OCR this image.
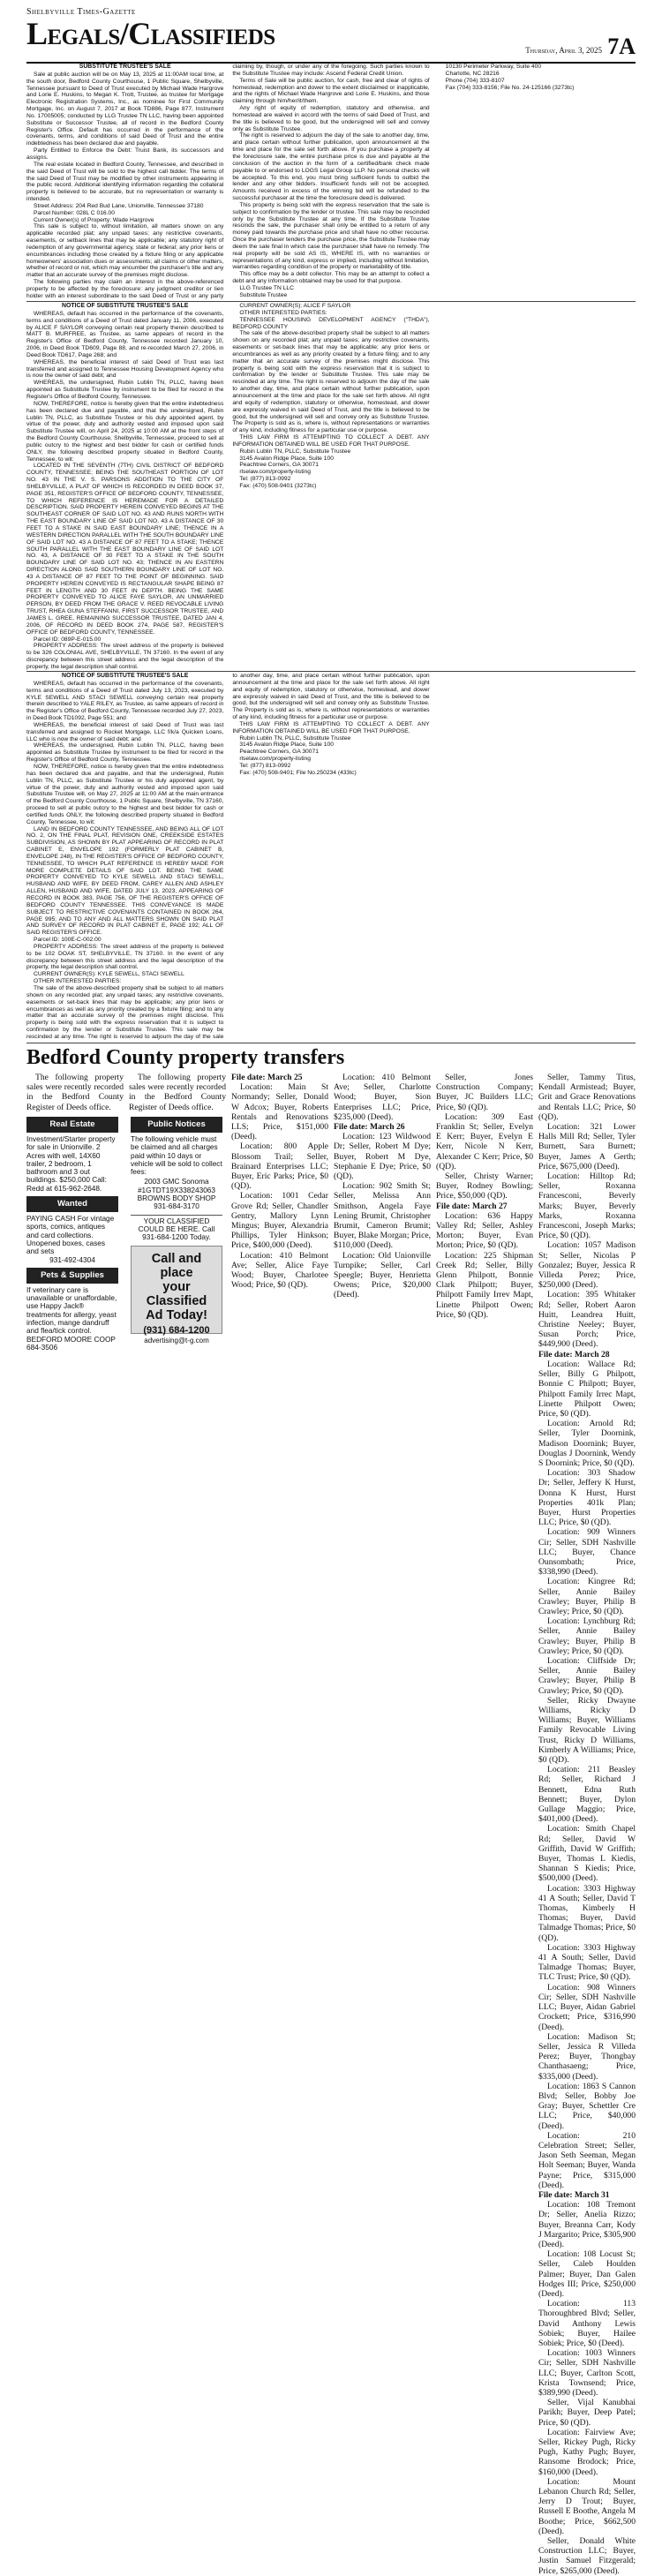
Shelbyville Times-Gazette
Legals/Classifieds	Thursday, April 3, 2025 7A
SUBSTITUTE TRUSTEE'S SALE

Sale at public auction will be on May 13, 2025 at 11:00AM local time, at the south door, Bedford County Courthouse, 1 Public Square, Shelbyville, Tennessee pursuant to Deed of Trust executed by Michael Wade Hargrove and Lorie E. Huskins, to Megan K. Trott, Trustee, as trustee for Mortgage Electronic Registration Systems, Inc., as nominee for First Community Mortgage, Inc. on August 7, 2017 at Book TD886, Page 877, Instrument No. 17005005; conducted by LLG Trustee TN LLC, having been appointed Substitute or Successor Trustee, all of record in the Bedford County Register's Office. Default has occurred in the performance of the covenants, terms, and conditions of said Deed of Trust and the entire indebtedness has been declared due and payable.

Party Entitled to Enforce the Debt: Truist Bank, its successors and assigns.

The real estate located in Bedford County, Tennessee, and described in the said Deed of Trust will be sold to the highest call bidder. The terms of the said Deed of Trust may be modified by other instruments appearing in the public record. Additional identifying information regarding the collateral property is believed to be accurate, but no representation or warranty is intended.

Street Address: 204 Red Bud Lane, Unionville, Tennessee 37180

Parcel Number: 028L C 016.00

Current Owner(s) of Property: Wade Hargrove

This sale is subject to, without limitation, all matters shown on any applicable recorded plat; any unpaid taxes; any restrictive covenants, easements, or setback lines that may be applicable; any statutory right of redemption of any governmental agency, state or federal; any prior liens or encumbrances including those created by a fixture filing or any applicable homeowners' association dues or assessments; all claims or other matters, whether of record or not, which may encumber the purchaser's title and any matter that an accurate survey of the premises might disclose.

The following parties may claim an interest in the above-referenced property to be affected by the foreclosure: any judgment creditor or lien holder with an interest subordinate to the said Deed of Trust or any party claiming by, though, or under any of the foregoing. Such parties known to the Substitute Trustee may include: Ascend Federal Credit Union.

Terms of Sale will be public auction, for cash, free and clear of rights of homestead, redemption and dower to the extent disclaimed or inapplicable, and the rights of Michael Wade Hargrove and Lorie E. Huskins, and those claiming through him/her/it/them.

Any right of equity of redemption, statutory and otherwise, and homestead are waived in accord with the terms of said Deed of Trust, and the title is believed to be good, but the undersigned will sell and convey only as Substitute Trustee.

The right is reserved to adjourn the day of the sale to another day, time, and place certain without further publication, upon announcement at the time and place for the sale set forth above. If you purchase a property at the foreclosure sale, the entire purchase price is due and payable at the conclusion of the auction in the form of a certified/bank check made payable to or endorsed to LOGS Legal Group LLP. No personal checks will be accepted. To this end, you must bring sufficient funds to outbid the lender and any other bidders. Insufficient funds will not be accepted. Amounts received in excess of the winning bid will be refunded to the successful purchaser at the time the foreclosure deed is delivered.

This property is being sold with the express reservation that the sale is subject to confirmation by the lender or trustee. This sale may be rescinded only by the Substitute Trustee at any time. If the Substitute Trustee rescinds the sale, the purchaser shall only be entitled to a return of any money paid towards the purchase price and shall have no other recourse. Once the purchaser tenders the purchase price, the Substitute Trustee may deem the sale final in which case the purchaser shall have no remedy. The real property will be sold AS IS, WHERE IS, with no warranties or representations of any kind, express or implied, including without limitation, warranties regarding condition of the property or marketability of title.

This office may be a debt collector. This may be an attempt to collect a debt and any information obtained may be used for that purpose.

LLG Trustee TN LLC

Substitute Trustee

10130 Perimeter Parkway, Suite 400

Charlotte, NC 28216

Phone (704) 333-8107

Fax (704) 333-8156; File No. 24-125166 (3273tc)

NOTICE OF SUBSTITUTE TRUSTEE'S SALE

WHEREAS, default has occurred in the performance of the covenants, terms and conditions of a Deed of Trust dated January 11, 2006, executed by ALICE F SAYLOR conveying certain real property therein described to MATT B. MURFREE, as Trustee, as same appears of record in the Register's Office of Bedford County, Tennessee recorded January 10, 2006, in Deed Book TD609, Page 88, and re-recorded March 27, 2006, in Deed Book TD617, Page 268; and

WHEREAS, the beneficial interest of said Deed of Trust was last transferred and assigned to Tennessee Housing Development Agency who is now the owner of said debt; and

WHEREAS, the undersigned, Rubin Lublin TN, PLLC, having been appointed as Substitute Trustee by instrument to be filed for record in the Register's Office of Bedford County, Tennessee.

NOW, THEREFORE, notice is hereby given that the entire indebtedness has been declared due and payable, and that the undersigned, Rubin Lublin TN, PLLC, as Substitute Trustee or his duly appointed agent, by virtue of the power, duty and authority vested and imposed upon said Substitute Trustee will, on April 24, 2025 at 10:00 AM at the front steps of the Bedford County Courthouse, Shelbyville, Tennessee, proceed to sell at public outcry to the highest and best bidder for cash or certified funds ONLY, the following described property situated in Bedford County, Tennessee, to wit:

LOCATED IN THE SEVENTH (7TH) CIVIL DISTRICT OF BEDFORD COUNTY, TENNESSEE; BEING THE SOUTHEAST PORTION OF LOT NO. 43 IN THE V. S. PARSONS ADDITION TO THE CITY OF SHELBYVILLE, A PLAT OF WHICH IS RECORDED IN DEED BOOK 37, PAGE 351, REGISTER'S OFFICE OF BEDFORD COUNTY, TENNESSEE, TO WHICH REFERENCE IS HEREMADE FOR A DETAILED DESCRIPTION. SAID PROPERTY HEREIN CONVEYED BEGINS AT THE SOUTHEAST CORNER OF SAID LOT NO. 43 AND RUNS NORTH WITH THE EAST BOUNDARY LINE OF SAID LOT NO. 43 A DISTANCE OF 30 FEET TO A STAKE IN SAID EAST BOUNDARY LINE; THENCE IN A WESTERN DIRECTION PARALLEL WITH THE SOUTH BOUNDARY LINE OF SAID LOT NO. 43 A DISTANCE OF 87 FEET TO A STAKE; THENCE SOUTH PARALLEL WITH THE EAST BOUNDARY LINE OF SAID LOT NO. 43, A DISTANCE OF 30 FEET TO A STAKE IN THE SOUTH BOUNDARY LINE OF SAID LOT NO. 43; THENCE IN AN EASTERN DIRECTION ALONG SAID SOUTHERN BOUNDARY LINE OF LOT NO. 43 A DISTANCE OF 87 FEET TO THE POINT OF BEGINNING. SAID PROPERTY HEREIN CONVEYED IS RECTANGULAR SHAPE BEING 87 FEET IN LENGTH AND 30 FEET IN DEPTH. BEING THE SAME PROPERTY CONVEYED TO ALICE FAYE SAYLOR, AN UNMARRIED PERSON, BY DEED FROM THE GRACE V. REED REVOCABLE LIVING TRUST, RHEA GUNA STEFFANNI, FIRST SUCCESSOR TRUSTEE, AND JAMES L. GREE, REMAINING SUCCESSOR TRUSTEE, DATED JAN 4, 2006, OF RECORD IN DEED BOOK 274, PAGE 587, REGISTER'S OFFICE OF BEDFORD COUNTY, TENNESSEE.

Parcel ID: 089P-E-015.00

PROPERTY ADDRESS: The street address of the property is believed to be 326 COLONIAL AVE, SHELBYVILLE, TN 37160. In the event of any discrepancy between this street address and the legal description of the property, the legal description shall control.

CURRENT OWNER(S): ALICE F SAYLOR

OTHER INTERESTED PARTIES:

TENNESSEE HOUSING DEVELOPMENT AGENCY ("THDA"), BEDFORD COUNTY

The sale of the above-described property shall be subject to all matters shown on any recorded plat; any unpaid taxes; any restrictive covenants, easements or set-back lines that may be applicable; any prior liens or encumbrances as well as any priority created by a fixture filing; and to any matter that an accurate survey of the premises might disclose. This property is being sold with the express reservation that it is subject to confirmation by the lender or Substitute Trustee. This sale may be rescinded at any time. The right is reserved to adjourn the day of the sale to another day, time, and place certain without further publication, upon announcement at the time and place for the sale set forth above. All right and equity of redemption, statutory or otherwise, homestead, and dower are expressly waived in said Deed of Trust, and the title is believed to be good, but the undersigned will sell and convey only as Substitute Trustee. The Property is sold as is, where is, without representations or warranties of any kind, including fitness for a particular use or purpose.

THIS LAW FIRM IS ATTEMPTING TO COLLECT A DEBT. ANY INFORMATION OBTAINED WILL BE USED FOR THAT PURPOSE.

Rubin Lublin TN, PLLC, Substitute Trustee

3145 Avalon Ridge Place, Suite 100

Peachtree Corners, GA 30071

rlselaw.com/property-listing

Tel: (877) 813-0992

Fax: (470) 508-9401 (3273tc)

NOTICE OF SUBSTITUTE TRUSTEE'S SALE

WHEREAS, default has occurred in the performance of the covenants, terms and conditions of a Deed of Trust dated July 13, 2023, executed by KYLE SEWELL AND STACI SEWELL conveying certain real property therein described to YALE RILEY, as Trustee, as same appears of record in the Register's Office of Bedford County, Tennessee recorded July 27, 2023, in Deed Book TD1092, Page 551; and

WHEREAS, the beneficial interest of said Deed of Trust was last transferred and assigned to Rocket Mortgage, LLC f/k/a Quicken Loans, LLC who is now the owner of said debt; and

WHEREAS, the undersigned, Rubin Lublin TN, PLLC, having been appointed as Substitute Trustee by instrument to be filed for record in the Register's Office of Bedford County, Tennessee.

NOW, THEREFORE, notice is hereby given that the entire indebtedness has been declared due and payable, and that the undersigned, Rubin Lublin TN, PLLC, as Substitute Trustee or his duly appointed agent, by virtue of the power, duty and authority vested and imposed upon said Substitute Trustee will, on May 27, 2025 at 11:00 AM at the main entrance of the Bedford County Courthouse, 1 Public Square, Shelbyville, TN 37160, proceed to sell at public outcry to the highest and best bidder for cash or certified funds ONLY, the following described property situated in Bedford County, Tennessee, to wit:

LAND IN BEDFORD COUNTY TENNESSEE, AND BEING ALL OF LOT NO. 2, ON THE FINAL PLAT, REVISION ONE, CREEKSIDE ESTATES SUBDIVISION, AS SHOWN BY PLAT APPEARING OF RECORD IN PLAT CABINET E, ENVELOPE 192 (FORMERLY PLAT CABINET B, ENVELOPE 248), IN THE REGISTER'S OFFICE OF BEDFORD COUNTY, TENNESSEE, TO WHICH PLAT REFERENCE IS HEREBY MADE FOR MORE COMPLETE DETAILS OF SAID LOT. BEING THE SAME PROPERTY CONVEYED TO KYLE SEWELL AND STACI SEWELL, HUSBAND AND WIFE, BY DEED FROM, CAREY ALLEN AND ASHLEY ALLEN, HUSBAND AND WIFE, DATED JULY 13, 2023, APPEARING OF RECORD IN BOOK 383, PAGE 756, OF THE REGISTER'S OFFICE OF BEDFORD COUNTY TENNESSEE. THIS CONVEYANCE IS MADE SUBJECT TO RESTRICTIVE COVENANTS CONTAINED IN BOOK 264, PAGE 995; AND TO ANY AND ALL MATTERS SHOWN ON SAID PLAT AND SURVEY OF RECORD IN PLAT CABINET E, PAGE 192; ALL OF SAID REGISTER'S OFFICE.

Parcel ID: 100E-C-002.00

PROPERTY ADDRESS: The street address of the property is believed to be 102 DOAK ST, SHELBYVILLE, TN 37160. In the event of any discrepancy between this street address and the legal description of the property, the legal description shall control.

CURRENT OWNER(S): KYLE SEWELL, STACI SEWELL

OTHER INTERESTED PARTIES:

The sale of the above-described property shall be subject to all matters shown on any recorded plat; any unpaid taxes; any restrictive covenants, easements or set-back lines that may be applicable; any prior liens or encumbrances as well as any priority created by a fixture filing; and to any matter that an accurate survey of the premises might disclose. This property is being sold with the express reservation that it is subject to confirmation by the lender or Substitute Trustee. This sale may be rescinded at any time. The right is reserved to adjourn the day of the sale to another day, time, and place certain without further publication, upon announcement at the time and place for the sale set forth above. All right and equity of redemption, statutory or otherwise, homestead, and dower are expressly waived in said Deed of Trust, and the title is believed to be good, but the undersigned will sell and convey only as Substitute Trustee. The Property is sold as is, where is, without representations or warranties of any kind, including fitness for a particular use or purpose.

THIS LAW FIRM IS ATTEMPTING TO COLLECT A DEBT. ANY INFORMATION OBTAINED WILL BE USED FOR THAT PURPOSE.

Rubin Lublin TN, PLLC, Substitute Trustee

3145 Avalon Ridge Place, Suite 100

Peachtree Corners, GA 30071

rlselaw.com/property-listing

Tel: (877) 813-0992

Fax: (470) 508-9401; File No.250234 (433tc)

Bedford County property transfers

The following property sales were recently recorded in the Bedford County Register of Deeds office.

The following property sales were recently recorded in the Bedford County Register of Deeds office.

File date: March 25

Location: Main St Normandy; Seller, Donald W Adcox; Buyer, Roberts Rentals and Renovations LLS; Price, $151,000 (Deed).

Location: 800 Apple Blossom Trail; Seller, Brainard Enterprises LLC; Buyer, Eric Parks; Price, $0 (QD).

Location: 1001 Cedar Grove Rd; Seller, Chandler Gentry, Mallory Lynn Mingus; Buyer, Alexandria Phillips, Tyler Hinkson; Price, $400,000 (Deed).

Location: 410 Belmont Ave; Seller, Alice Faye Wood; Buyer, Charlotee Wood; Price, $0 (QD).

Location: 410 Belmont Ave; Seller, Charlotte Wood; Buyer, Sion Enterprises LLC; Price, $235,000 (Deed).

File date: March 26

Location: 123 Wildwood Dr; Seller, Robert M Dye; Buyer, Robert M Dye, Stephanie E Dye; Price, $0 (QD).

Location: 902 Smith St; Seller, Melissa Ann Smithson, Angela Faye Lening Brumit, Christopher Brumit, Cameron Brumit; Buyer, Blake Morgan; Price, $110,000 (Deed).

Location: Old Unionville Turnpike; Seller, Carl Speegle; Buyer, Henrietta Owens; Price, $20,000 (Deed).

Seller, Jones Construction Company; Buyer, JC Builders LLC; Price, $0 (QD).

Location: 309 East Franklin St; Seller, Evelyn E Kerr; Buyer, Evelyn E Kerr, Nicole N Kerr, Alexander C Kerr; Price, $0 (QD).

Seller, Christy Warner; Buyer, Rodney Bowling; Price, $50,000 (QD).

File date: March 27

Location: 636 Happy Valley Rd; Seller, Ashley Morton; Buyer, Evan Morton; Price, $0 (QD).

Location: 225 Shipman Creek Rd; Seller, Billy Glenn Philpott, Bonnie Clark Philpott; Buyer, Philpott Family Irrev Mapt, Linette Philpott Owen; Price, $0 (QD).

Seller, Tammy Titus, Kendall Armistead; Buyer, Grit and Grace Renovations and Rentals LLC; Price, $0 (QD).

Location: 321 Lower Halls Mill Rd; Seller, Tyler Burnett, Sara Burnett; Buyer, James A Gerth; Price, $675,000 (Deed).

Location: Hilltop Rd; Seller, Roxanna Francesconi, Beverly Marks; Buyer, Beverly Marks, Roxanna Francesconi, Joseph Marks; Price, $0 (QD).

Location: 1057 Madison St; Seller, Nicolas P Gonzalez; Buyer, Jessica R Villeda Perez; Price, $250,000 (Deed).

Location: 395 Whitaker Rd; Seller, Robert Aaron Huitt, Leandrea Huitt, Christine Neeley; Buyer, Susan Porch; Price, $449,900 (Deed).

File date: March 28

Location: Wallace Rd; Seller, Billy G Philpott, Bonnie C Philpott; Buyer, Philpott Family Irrec Mapt, Linette Philpott Owen; Price, $0 (QD).

Location: Arnold Rd; Seller, Tyler Doornink, Madison Doornink; Buyer, Douglas J Doornink, Wendy S Doornink; Price, $0 (QD).

Location: 303 Shadow Dr; Seller, Jeffery K Hurst, Donna K Hurst, Hurst Properties 401k Plan; Buyer, Hurst Properties LLC; Price, $0 (QD).

Location: 909 Winners Cir; Seller, SDH Nashville LLC; Buyer, Chance Ounsombath; Price, $338,990 (Deed).

Location: Kingree Rd; Seller, Annie Bailey Crawley; Buyer, Philip B Crawley; Price, $0 (QD).

Location: Lynchburg Rd; Seller, Annie Bailey Crawley; Buyer, Philip B Crawley; Price, $0 (QD).

Location: Cliffside Dr; Seller, Annie Bailey Crawley; Buyer, Philip B Crawley; Price, $0 (QD).

Seller, Ricky Dwayne Williams, Ricky D Williams; Buyer, Williams Family Revocable Living Trust, Ricky D Williams, Kimberly A Williams; Price, $0 (QD).

Location: 211 Beasley Rd; Seller, Richard J Bennett, Edna Ruth Bennett; Buyer, Dylon Gullage Maggio; Price, $401,000 (Deed).

Location: Smith Chapel Rd; Seller, David W Griffith, David W Griffith; Buyer, Thomas L Kiedis, Shannan S Kiedis; Price, $500,000 (Deed).

Location: 3303 Highway 41 A South; Seller, David T Thomas, Kimberly H Thomas; Buyer, David Talmadge Thomas; Price, $0 (QD).

Location: 3303 Highway 41 A South; Seller, David Talmadge Thomas; Buyer, TLC Trust; Price, $0 (QD).

Location: 908 Winners Cir; Seller, SDH Nashville LLC; Buyer, Aidan Gabriel Crockett; Price, $316,990 (Deed).

Location: Madison St; Seller, Jessica R Villeda Perez; Buyer, Thongbay Chanthasaeng; Price, $335,000 (Deed).

Location: 1863 S Cannon Blvd; Seller, Bobby Joe Gray; Buyer, Schettler Cre LLC; Price, $40,000 (Deed).

Location: 210 Celebration Street; Seller, Jason Seth Seeman, Megan Holt Seeman; Buyer, Wanda Payne; Price, $315,000 (Deed).

File date: March 31

Location: 108 Tremont Dr; Seller, Anelia Rizzo; Buyer, Breanna Carr, Kody J Margarito; Price, $305,900 (Deed).

Location: 108 Locust St; Seller, Caleb Houlden Palmer; Buyer, Dan Galen Hodges III; Price, $250,000 (Deed).

Location: 113 Thoroughbred Blvd; Seller, David Anthony Lewis Sobiek; Buyer, Hailee Sobiek; Price, $0 (Deed).

Location: 1003 Winners Cir; Seller, SDH Nashville LLC; Buyer, Carlton Scott, Krista Townsend; Price, $389,990 (Deed).

Seller, Vijal Kanubhai Parikh; Buyer, Deep Patel; Price, $0 (QD).

Location: Fairview Ave; Seller, Rickey Pugh, Ricky Pugh, Kathy Pugh; Buyer, Ransome Brodock; Price, $160,000 (Deed).

Location: Mount Lebanon Church Rd; Seller, Jerry D Trout; Buyer, Russell E Boothe, Angela M Boothe; Price, $662,500 (Deed).

Seller, Donald White Construction LLC; Buyer, Justin Samuel Fitzgerald; Price, $265,000 (Deed).

Real Estate
Investment/Starter property for sale in Unionville. 2 Acres with well, 14X60 trailer, 2 bedroom, 1 bathroom and 3 out buildings. $250,000 Call: Redd at 615-962-2648.
Wanted
PAYING CASH For vintage sports, comics, antiques and card collections. Unopened boxes, cases and sets
931-492-4304
Pets & Supplies
If veterinary care is unavailable or unaffordable, use Happy Jack® treatments for allergy, yeast infection, mange dandruff and flea/tick control. BEDFORD MOORE COOP 684-3506
Public Notices
The following vehicle must be claimed and all charges paid within 10 days or vehicle will be sold to collect fees:
2003 GMC Sonoma
#1GTDT19X338243063
BROWNS BODY SHOP
931-684-3170
YOUR CLASSIFIED COULD BE HERE. Call 931-684-1200 Today.
Call and
place
your
Classified
Ad Today!
(931) 684-1200
advertising@t-g.com
